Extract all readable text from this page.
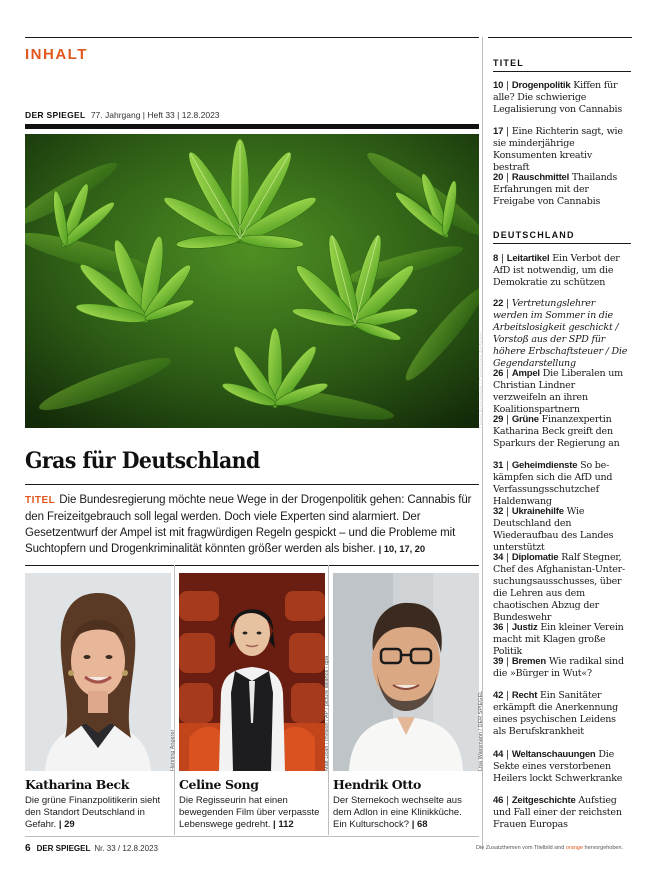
INHALT
DER SPIEGEL 77. Jahrgang | Heft 33 | 12.8.2023
David Avazzadeh / Connected Archives
Gras für Deutschland
TITEL Die Bundesregierung möchte neue Wege in der Drogenpolitik gehen: Cannabis für den Freizeitgebrauch soll legal werden. Doch viele Experten sind alarmiert. Der Gesetzentwurf der Ampel ist mit fragwürdigen Regeln gespickt – und die Probleme mit Suchtopfern und Drogenkriminalität könnten größer werden als bisher. | 10, 17, 20
Henning Angerer	Matt Licari / Invision / AP / picture alliance / dpa	Lisa Wassmann / DER SPIEGEL
Katharina Beck
Die grüne Finanzpolitikerin sieht den Standort Deutschland in Gefahr. | 29
Celine Song
Die Regisseurin hat einen bewegenden Film über verpasste Lebenswege gedreht. | 112
Hendrik Otto
Der Sternekoch wechselte aus dem Adlon in eine Klinikküche. Ein Kulturschock? | 68
TITEL
10 | Drogenpolitik Kiffen für alle? Die schwierige Legalisierung von Cannabis
17 | Eine Richterin sagt, wie sie minderjährige Konsumenten kreativ bestraft
20 | Rauschmittel Thailands Erfahrungen mit der Freigabe von Cannabis
DEUTSCHLAND
8 | Leitartikel Ein Verbot der AfD ist notwendig, um die Demokratie zu schützen
22 | Vertretungslehrer werden im Sommer in die Arbeitslosigkeit geschickt / Vorstoß aus der SPD für höhere Erbschaftsteuer / Die Gegendarstellung
26 | Ampel Die Liberalen um Christian Lindner verzweifeln an ihren Koalitionspartnern
29 | Grüne Finanzexpertin Katharina Beck greift den Sparkurs der Regierung an
31 | Geheimdienste So bekämpfen sich die AfD und Verfassungsschutzchef Haldenwang
32 | Ukrainehilfe Wie Deutschland den Wiederaufbau des Landes unterstützt
34 | Diplomatie Ralf Stegner, Chef des Afghanistan-Untersuchungsausschusses, über die Lehren aus dem chaotischen Abzug der Bundeswehr
36 | Justiz Ein kleiner Verein macht mit Klagen große Politik
39 | Bremen Wie radikal sind die »Bürger in Wut«?
42 | Recht Ein Sanitäter erkämpft die Anerkennung eines psychischen Leidens als Berufskrankheit
44 | Weltanschauungen Die Sekte eines verstorbenen Heilers lockt Schwerkranke
46 | Zeitgeschichte Aufstieg und Fall einer der reichsten Frauen Europas
6 DER SPIEGEL Nr. 33 / 12.8.2023	Die Zusatzthemen vom Titelbild sind orange hervorgehoben.
